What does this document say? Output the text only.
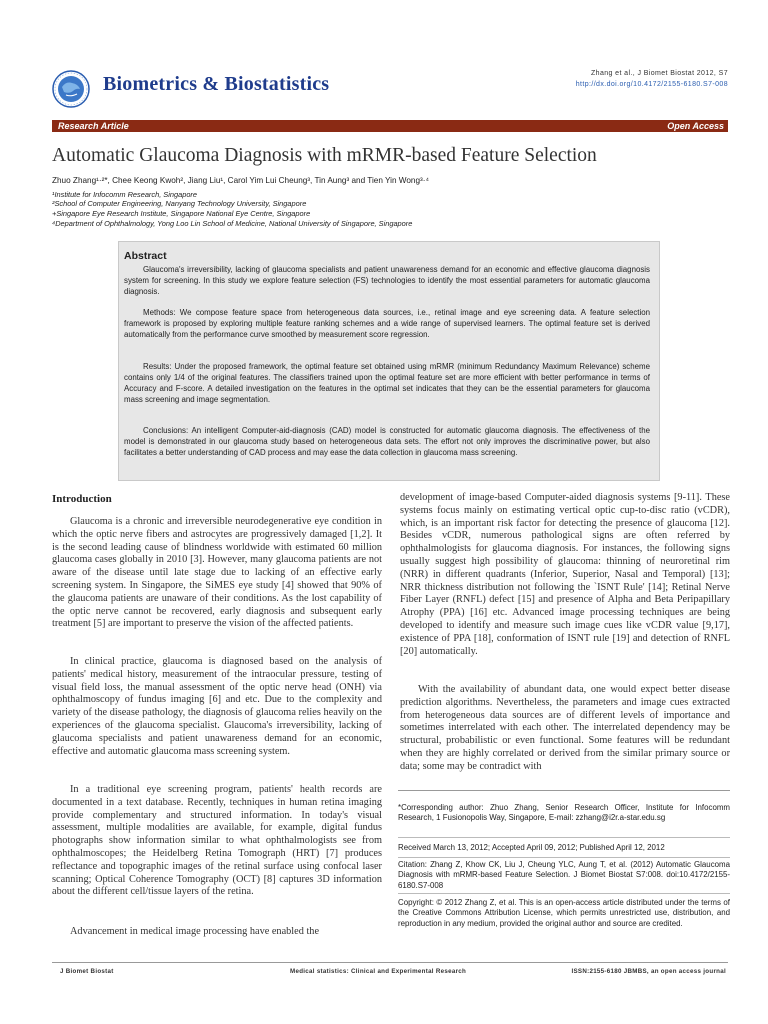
Biometrics & Biostatistics	Zhang et al., J Biomet Biostat 2012, S7
http://dx.doi.org/10.4172/2155-6180.S7-008
Research Article	Open Access
Automatic Glaucoma Diagnosis with mRMR-based Feature Selection
Zhuo Zhang¹·²*, Chee Keong Kwoh², Jiang Liu¹, Carol Yim Lui Cheung³, Tin Aung³ and Tien Yin Wong³·⁴
¹Institute for Infocomm Research, Singapore
²School of Computer Engineering, Nanyang Technology University, Singapore
+Singapore Eye Research Institute, Singapore National Eye Centre, Singapore
⁴Department of Ophthalmology, Yong Loo Lin School of Medicine, National University of Singapore, Singapore
Abstract

Glaucoma's irreversibility, lacking of glaucoma specialists and patient unawareness demand for an economic and effective glaucoma diagnosis system for screening. In this study we explore feature selection (FS) technologies to identify the most essential parameters for automatic glaucoma diagnosis.

Methods: We compose feature space from heterogeneous data sources, i.e., retinal image and eye screening data. A feature selection framework is proposed by exploring multiple feature ranking schemes and a wide range of supervised learners. The optimal feature set is derived automatically from the performance curve smoothed by measurement score regression.

Results: Under the proposed framework, the optimal feature set obtained using mRMR (minimum Redundancy Maximum Relevance) scheme contains only 1/4 of the original features. The classifiers trained upon the optimal feature set are more efficient with better performance in terms of Accuracy and F-score. A detailed investigation on the features in the optimal set indicates that they can be the essential parameters for glaucoma mass screening and image segmentation.

Conclusions: An intelligent Computer-aid-diagnosis (CAD) model is constructed for automatic glaucoma diagnosis. The effectiveness of the model is demonstrated in our glaucoma study based on heterogeneous data sets. The effort not only improves the discriminative power, but also facilitates a better understanding of CAD process and may ease the data collection in glaucoma mass screening.

Introduction

Glaucoma is a chronic and irreversible neurodegenerative eye condition in which the optic nerve fibers and astrocytes are progressively damaged [1,2]. It is the second leading cause of blindness worldwide with estimated 60 million glaucoma cases globally in 2010 [3]. However, many glaucoma patients are not aware of the disease until late stage due to lacking of an effective early screening system. In Singapore, the SiMES eye study [4] showed that 90% of the glaucoma patients are unaware of their conditions. As the lost capability of the optic nerve cannot be recovered, early diagnosis and subsequent early treatment [5] are important to preserve the vision of the affected patients.

In clinical practice, glaucoma is diagnosed based on the analysis of patients' medical history, measurement of the intraocular pressure, testing of visual field loss, the manual assessment of the optic nerve head (ONH) via ophthalmoscopy of fundus imaging [6] and etc. Due to the complexity and variety of the disease pathology, the diagnosis of glaucoma relies heavily on the experiences of the glaucoma specialist. Glaucoma's irreversibility, lacking of glaucoma specialists and patient unawareness demand for an economic, effective and automatic glaucoma mass screening system.

In a traditional eye screening program, patients' health records are documented in a text database. Recently, techniques in human retina imaging provide complementary and structured information. In today's visual assessment, multiple modalities are available, for example, digital fundus photographs show information similar to what ophthalmologists see from ophthalmoscopes; the Heidelberg Retina Tomograph (HRT) [7] produces reflectance and topographic images of the retinal surface using confocal laser scanning; Optical Coherence Tomography (OCT) [8] captures 3D information about the different cell/tissue layers of the retina.

Advancement in medical image processing have enabled the

development of image-based Computer-aided diagnosis systems [9-11]. These systems focus mainly on estimating vertical optic cup-to-disc ratio (vCDR), which, is an important risk factor for detecting the presence of glaucoma [12]. Besides vCDR, numerous pathological signs are often referred by ophthalmologists for glaucoma diagnosis. For instances, the following signs usually suggest high possibility of glaucoma: thinning of neuroretinal rim (NRR) in different quadrants (Inferior, Superior, Nasal and Temporal) [13]; NRR thickness distribution not following the `ISNT Rule' [14]; Retinal Nerve Fiber Layer (RNFL) defect [15] and presence of Alpha and Beta Peripapillary Atrophy (PPA) [16] etc. Advanced image processing techniques are being developed to identify and measure such image cues like vCDR value [9,17], existence of PPA [18], conformation of ISNT rule [19] and detection of RNFL [20] automatically.

With the availability of abundant data, one would expect better disease prediction algorithms. Nevertheless, the parameters and image cues extracted from heterogeneous data sources are of different levels of importance and sometimes interrelated with each other. The interrelated dependency may be structural, probabilistic or even functional. Some features will be redundant when they are highly correlated or derived from the similar primary source or data; some may be contradict with

*Corresponding author: Zhuo Zhang, Senior Research Officer, Institute for Infocomm Research, 1 Fusionopolis Way, Singapore, E-mail: zzhang@i2r.a-star.edu.sg

Received March 13, 2012; Accepted April 09, 2012; Published April 12, 2012

Citation: Zhang Z, Khow CK, Liu J, Cheung YLC, Aung T, et al. (2012) Automatic Glaucoma Diagnosis with mRMR-based Feature Selection. J Biomet Biostat S7:008. doi:10.4172/2155-6180.S7-008

Copyright: © 2012 Zhang Z, et al. This is an open-access article distributed under the terms of the Creative Commons Attribution License, which permits unrestricted use, distribution, and reproduction in any medium, provided the original author and source are credited.

J Biomet Biostat	Medical statistics: Clinical and Experimental Research	ISSN:2155-6180 JBMBS, an open access journal
